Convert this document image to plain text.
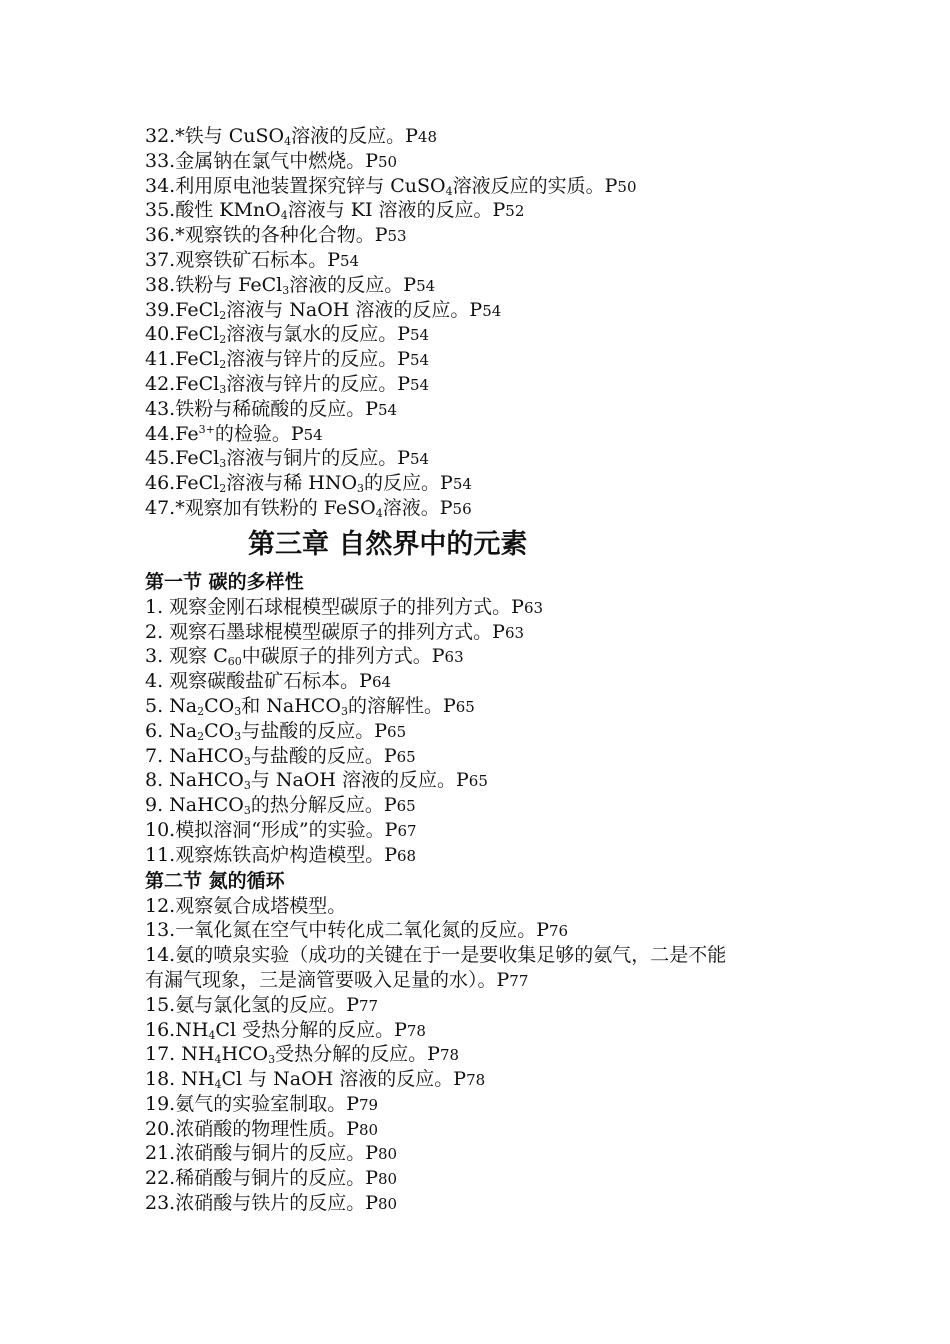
32.*铁与 CuSO$_4$溶液的反应。P48
33.金属钠在氯气中燃烧。P50
34.利用原电池装置探究锌与 CuSO$_4$溶液反应的实质。P50
35.酸性 KMnO$_4$溶液与 KI 溶液的反应。P52
36.*观察铁的各种化合物。P53
37.观察铁矿石标本。P54
38.铁粉与 FeCl$_3$溶液的反应。P54
39.FeCl$_2$溶液与 NaOH 溶液的反应。P54
40.FeCl$_2$溶液与氯水的反应。P54
41.FeCl$_2$溶液与锌片的反应。P54
42.FeCl$_3$溶液与锌片的反应。P54
43.铁粉与稀硫酸的反应。P54
$44.Fe^{3+}$的检验。P54
45.FeCl$_3$溶液与铜片的反应。P54
46.FeCl$_2$溶液与稀 $HNO_3$的反应。P54
47.*观察加有铁粉的 FeSO$_4$溶液。P56
第三章 自然界中的元素
第一节 碳的多样性
1. 观察金刚石球棍模型碳原子的排列方式。P63
2. 观察石墨球棍模型碳原子的排列方式。P63
3. 观察 $C_{60}$中碳原子的排列方式。P63
4. 观察碳酸盐矿石标本。P64
5. $Na_2CO_3$和 NaHCO$_3$的溶解性。P65
6. $Na_2CO_3$与盐酸的反应。P65
7. NaHCO$_3$与盐酸的反应。P65
8. NaHCO$_3$与 NaOH 溶液的反应。P65
9. NaHCO$_3$的热分解反应。P65
10.模拟溶洞“形成”的实验。P67
11.观察炼铁高炉构造模型。P68
第二节 氮的循环
12.观察氨合成塔模型。
13.一氧化氮在空气中转化成二氧化氮的反应。P76
14.氨的喷泉实验（成功的关键在于一是要收集足够的氨气，二是不能
有漏气现象，三是滴管要吸入足量的水）。P77
15.氨与氯化氢的反应。P77
$16.NH_4Cl$ 受热分解的反应。P78
17. $NH_4HCO_3$受热分解的反应。P78
18. $NH_4Cl$ 与 NaOH 溶液的反应。P78
19.氨气的实验室制取。P79
20.浓硝酸的物理性质。P80
21.浓硝酸与铜片的反应。P80
22.稀硝酸与铜片的反应。P80
23.浓硝酸与铁片的反应。P80
